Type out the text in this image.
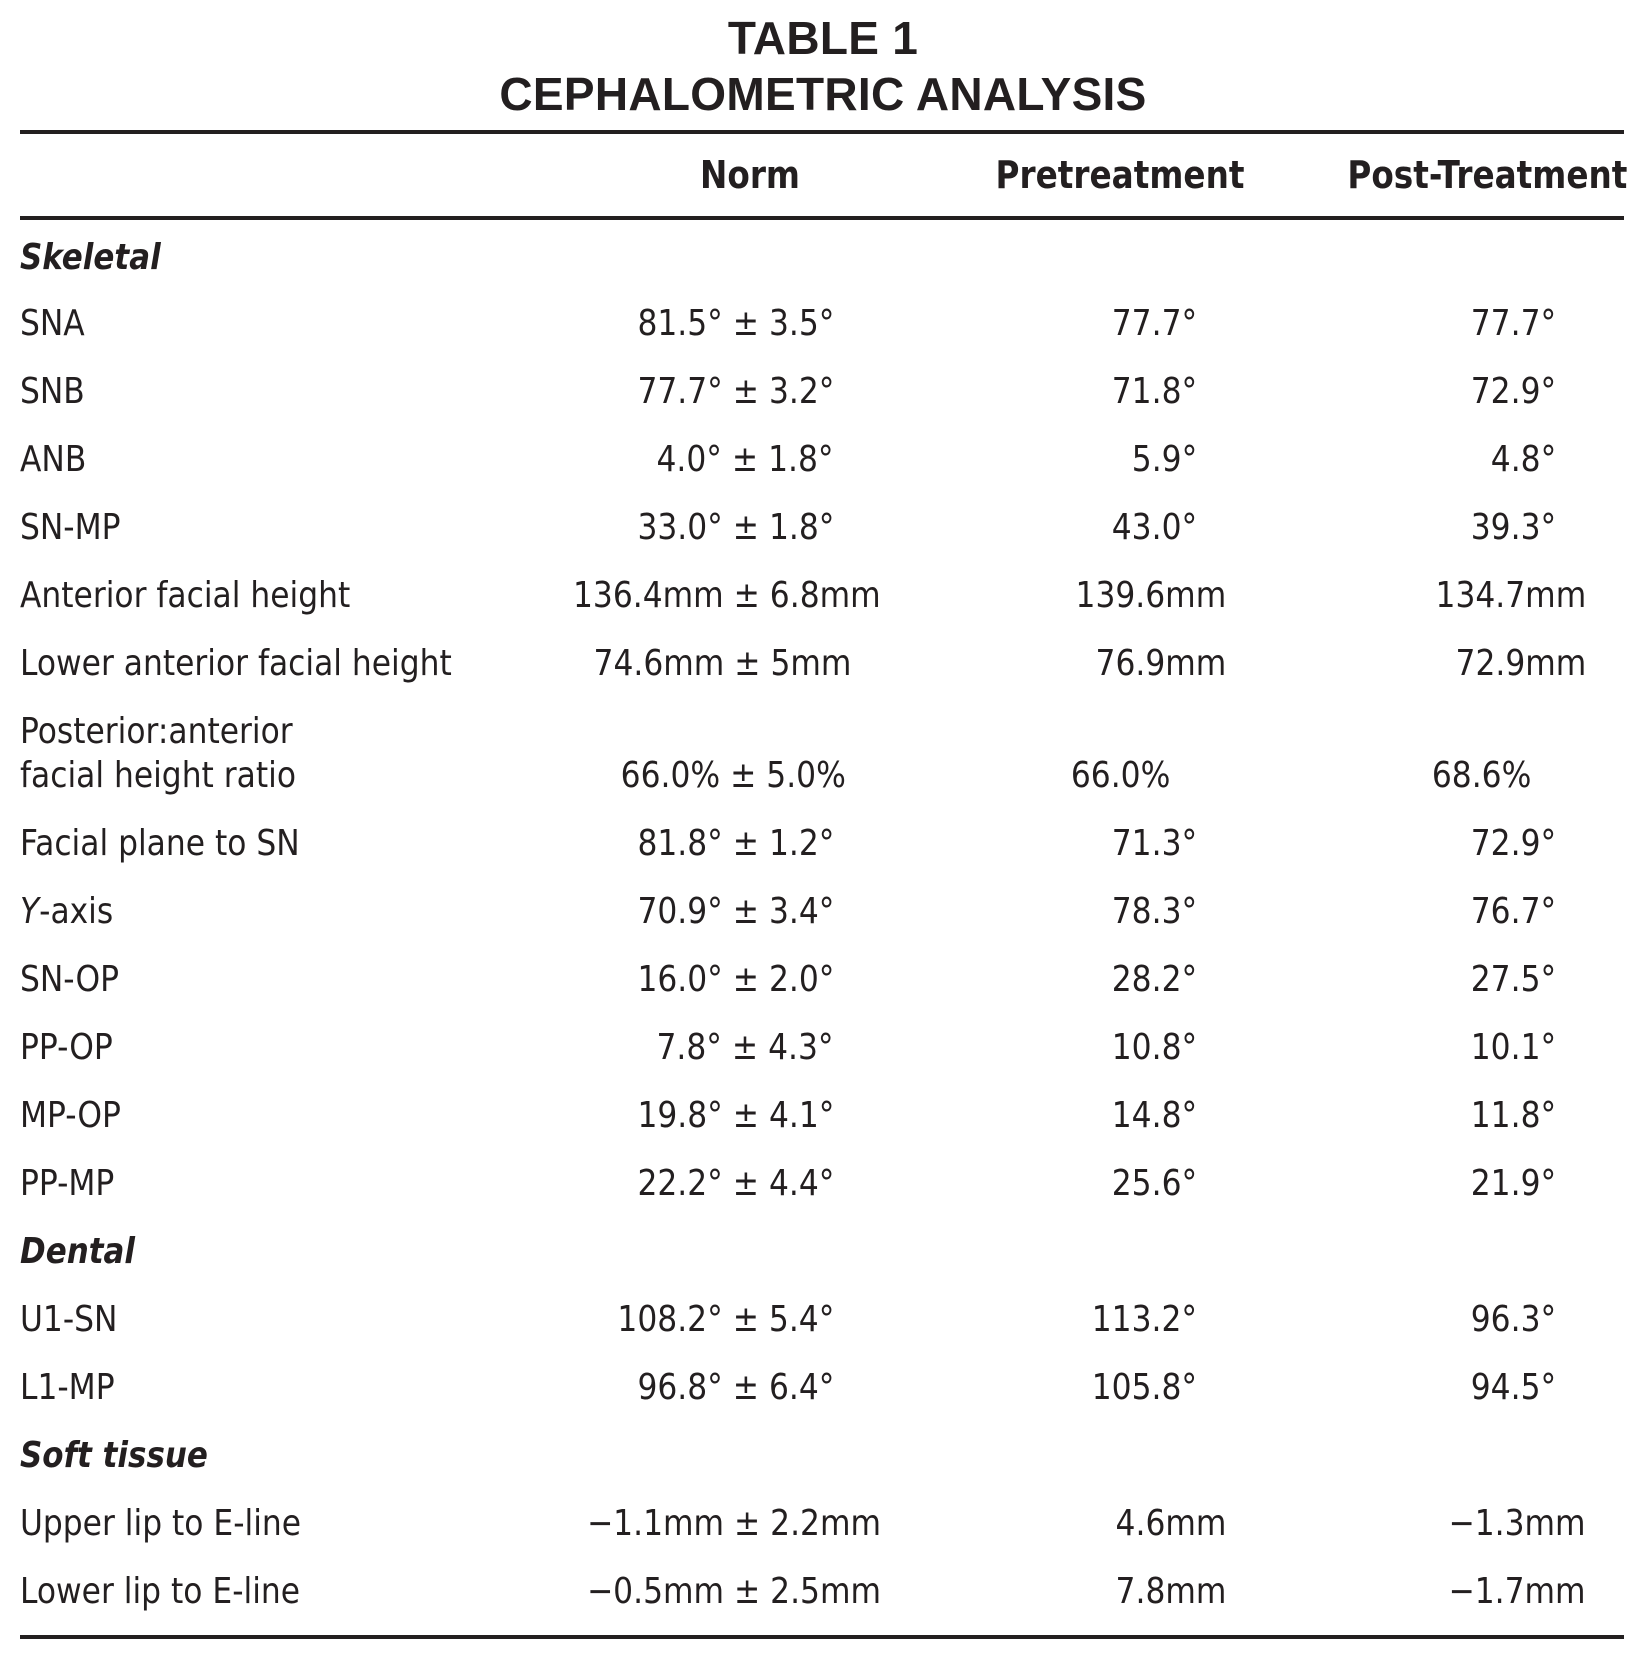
TABLE 1
CEPHALOMETRIC ANALYSIS
Norm	Pretreatment	Post-Treatment
Skeletal
SNA	81.5° ± 3.5°	77.7°	77.7°
SNB	77.7° ± 3.2°	71.8°	72.9°
ANB	4.0° ± 1.8°	5.9°	4.8°
SN-MP	33.0° ± 1.8°	43.0°	39.3°
Anterior facial height	136.4mm ± 6.8mm	139.6mm	134.7mm
Lower anterior facial height	74.6mm ± 5mm	76.9mm	72.9mm
Posterior:anterior
facial height ratio	66.0% ± 5.0%	66.0%	68.6%
Facial plane to SN	81.8° ± 1.2°	71.3°	72.9°
Y-axis	70.9° ± 3.4°	78.3°	76.7°
SN-OP	16.0° ± 2.0°	28.2°	27.5°
PP-OP	7.8° ± 4.3°	10.8°	10.1°
MP-OP	19.8° ± 4.1°	14.8°	11.8°
PP-MP	22.2° ± 4.4°	25.6°	21.9°
Dental
U1-SN	108.2° ± 5.4°	113.2°	96.3°
L1-MP	96.8° ± 6.4°	105.8°	94.5°
Soft tissue
Upper lip to E-line	−1.1mm ± 2.2mm	4.6mm	−1.3mm
Lower lip to E-line	−0.5mm ± 2.5mm	7.8mm	−1.7mm
